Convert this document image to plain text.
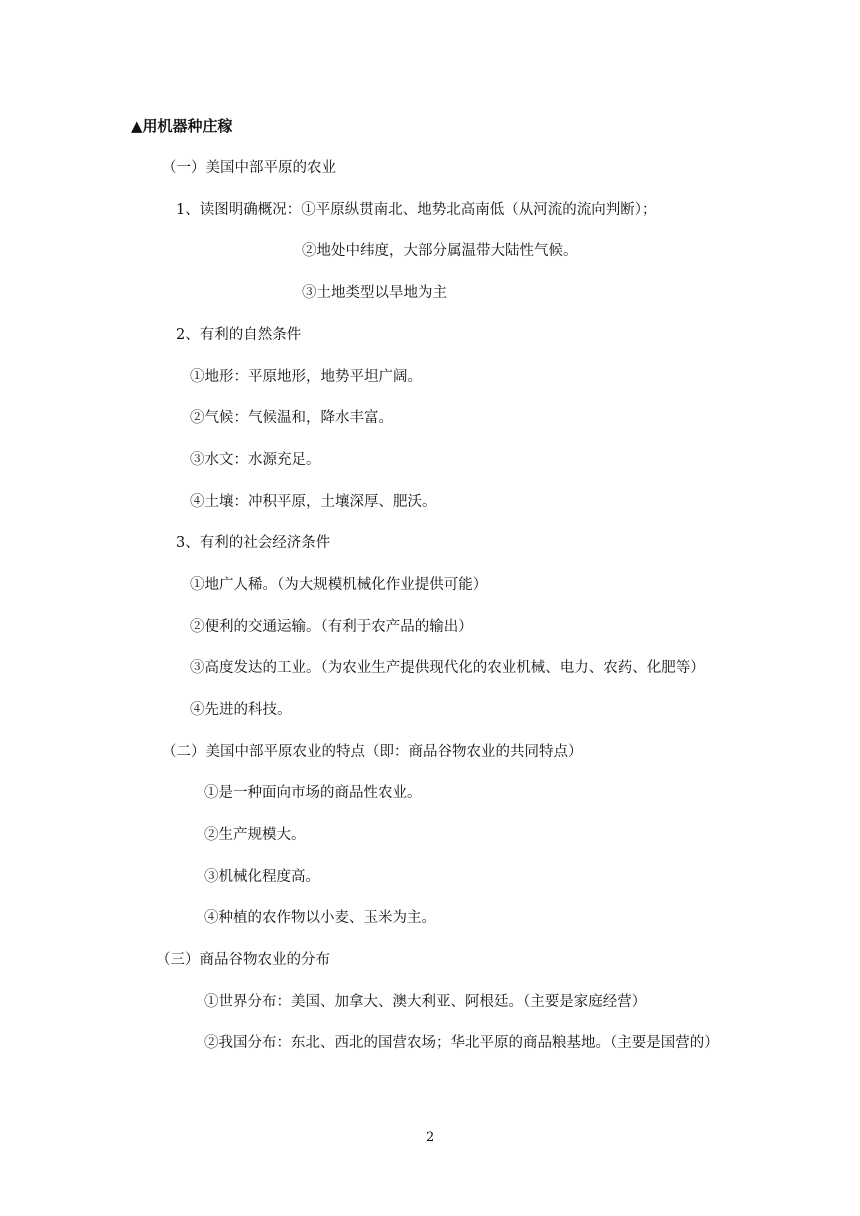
▲用机器种庄稼
（一）美国中部平原的农业
1、读图明确概况：①平原纵贯南北、地势北高南低（从河流的流向判断）；
②地处中纬度，大部分属温带大陆性气候。
③土地类型以旱地为主
2、有利的自然条件
①地形：平原地形，地势平坦广阔。
②气候：气候温和，降水丰富。
③水文：水源充足。
④土壤：冲积平原，土壤深厚、肥沃。
3、有利的社会经济条件
①地广人稀。（为大规模机械化作业提供可能）
②便利的交通运输。（有利于农产品的输出）
③高度发达的工业。（为农业生产提供现代化的农业机械、电力、农药、化肥等）
④先进的科技。
（二）美国中部平原农业的特点（即：商品谷物农业的共同特点）
①是一种面向市场的商品性农业。
②生产规模大。
③机械化程度高。
④种植的农作物以小麦、玉米为主。
（三）商品谷物农业的分布
①世界分布：美国、加拿大、澳大利亚、阿根廷。（主要是家庭经营）
②我国分布：东北、西北的国营农场；华北平原的商品粮基地。（主要是国营的）
2
